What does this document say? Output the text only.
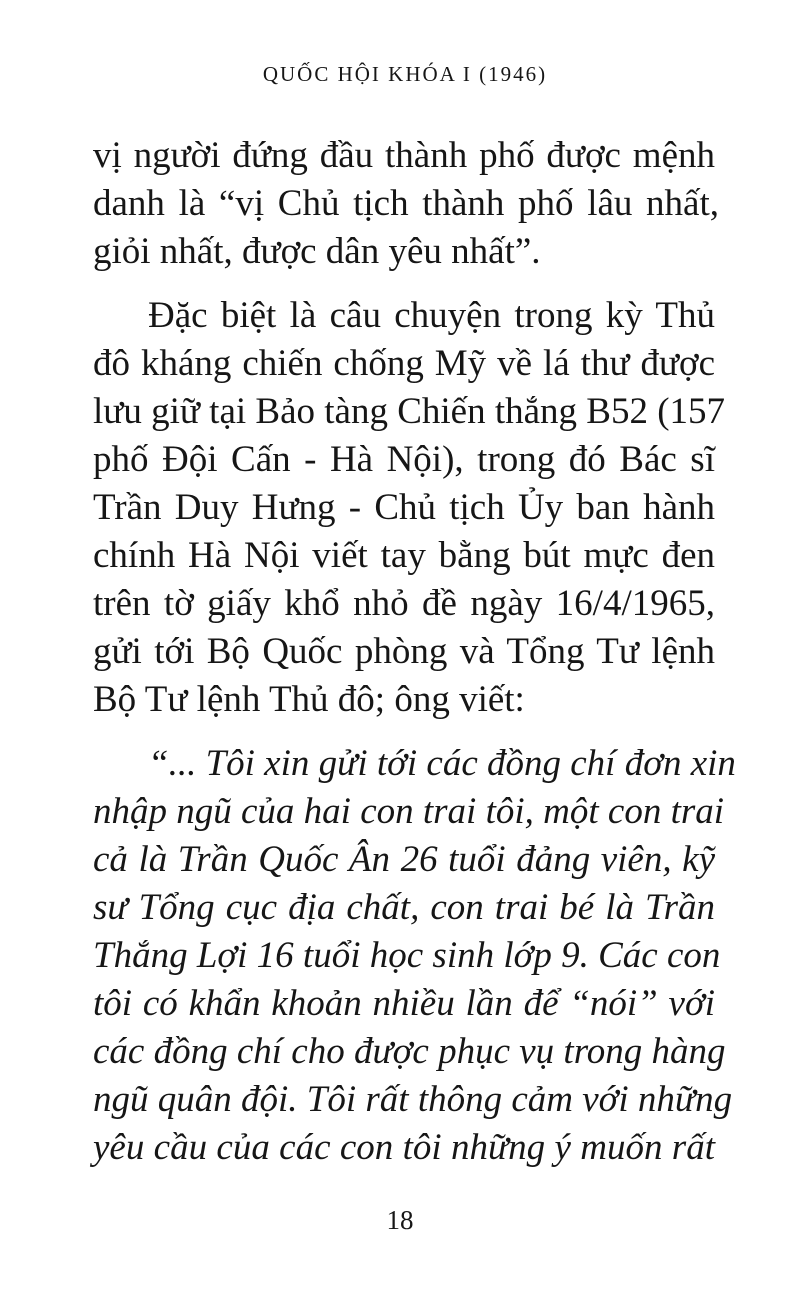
QUỐC HỘI KHÓA I (1946)
vị người đứng đầu thành phố được mệnh
danh là “vị Chủ tịch thành phố lâu nhất,
giỏi nhất, được dân yêu nhất”.
Đặc biệt là câu chuyện trong kỳ Thủ
đô kháng chiến chống Mỹ về lá thư được
lưu giữ tại Bảo tàng Chiến thắng B52 (157
phố Đội Cấn - Hà Nội), trong đó Bác sĩ
Trần Duy Hưng - Chủ tịch Ủy ban hành
chính Hà Nội viết tay bằng bút mực đen
trên tờ giấy khổ nhỏ đề ngày 16/4/1965,
gửi tới Bộ Quốc phòng và Tổng Tư lệnh
Bộ Tư lệnh Thủ đô; ông viết:
“... Tôi xin gửi tới các đồng chí đơn xin
nhập ngũ của hai con trai tôi, một con trai
cả là Trần Quốc Ân 26 tuổi đảng viên, kỹ
sư Tổng cục địa chất, con trai bé là Trần
Thắng Lợi 16 tuổi học sinh lớp 9. Các con
tôi có khẩn khoản nhiều lần để “nói” với
các đồng chí cho được phục vụ trong hàng
ngũ quân đội. Tôi rất thông cảm với những
yêu cầu của các con tôi những ý muốn rất
18
